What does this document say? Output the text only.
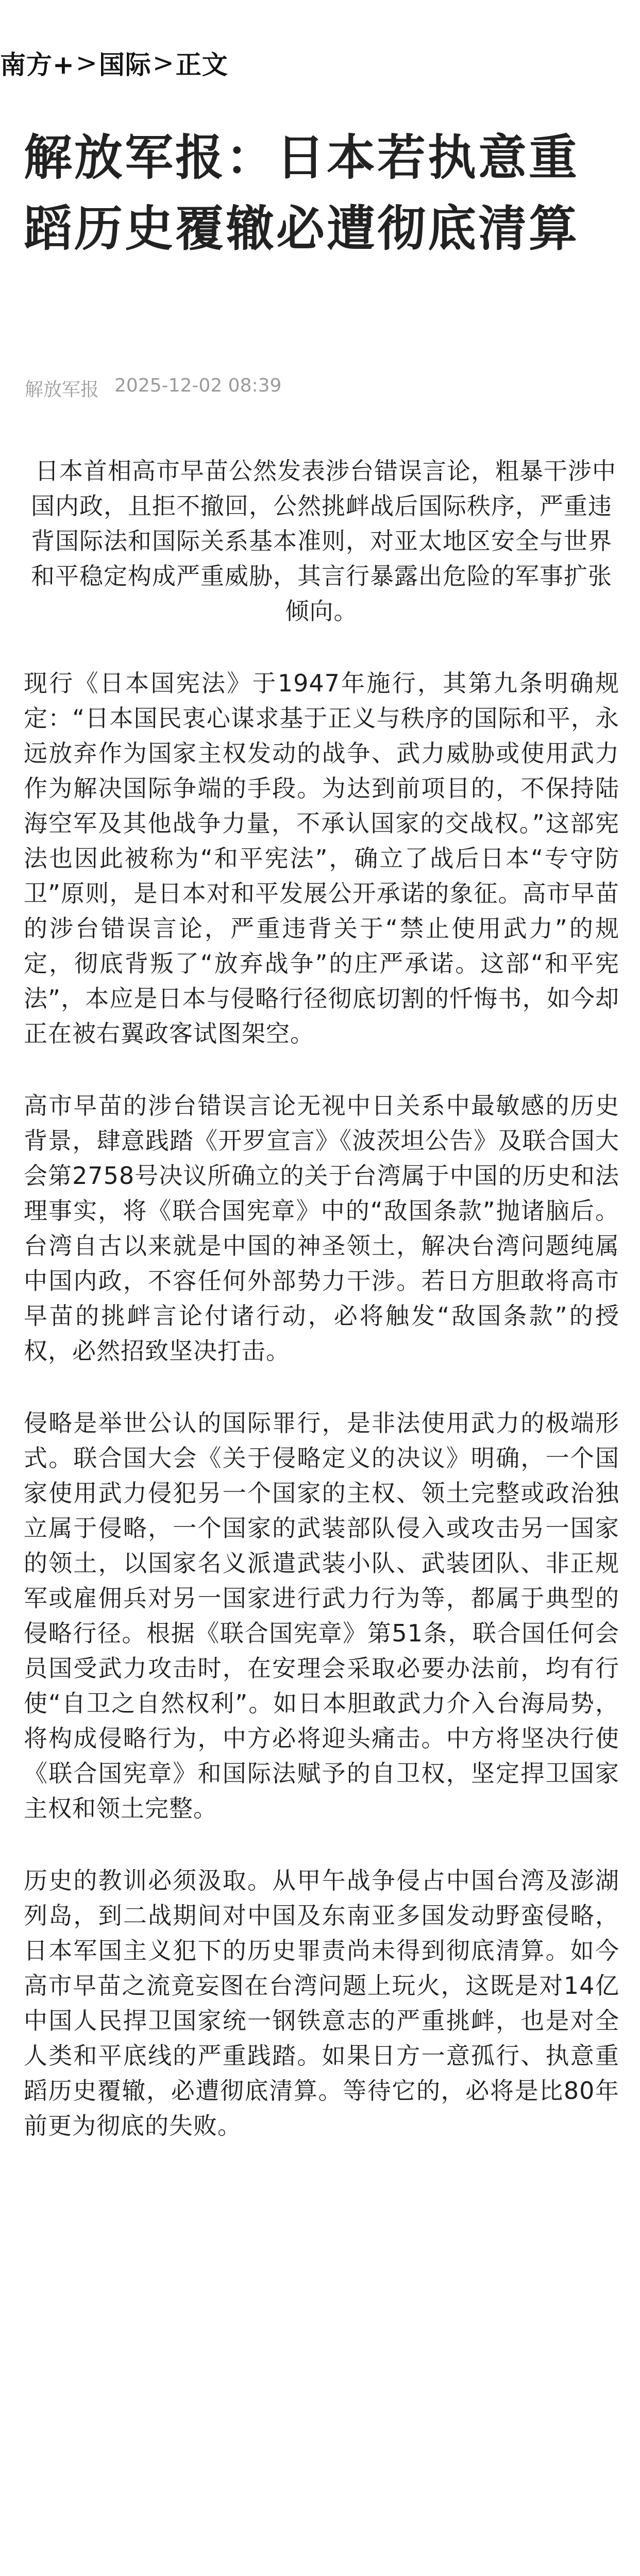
南方+ > 国际 > 正文
解放军报：日本若执意重蹈历史覆辙必遭彻底清算
解放军报 2025-12-02 08:39

日本首相高市早苗公然发表涉台错误言论，粗暴干涉中国内政，且拒不撤回，公然挑衅战后国际秩序，严重违背国际法和国际关系基本准则，对亚太地区安全与世界和平稳定构成严重威胁，其言行暴露出危险的军事扩张倾向。

现行《日本国宪法》于1947年施行，其第九条明确规定：“日本国民衷心谋求基于正义与秩序的国际和平，永远放弃作为国家主权发动的战争、武力威胁或使用武力作为解决国际争端的手段。为达到前项目的，不保持陆海空军及其他战争力量，不承认国家的交战权。”这部宪法也因此被称为“和平宪法”，确立了战后日本“专守防卫”原则，是日本对和平发展公开承诺的象征。高市早苗的涉台错误言论，严重违背关于“禁止使用武力”的规定，彻底背叛了“放弃战争”的庄严承诺。这部“和平宪法”，本应是日本与侵略行径彻底切割的忏悔书，如今却正在被右翼政客试图架空。

高市早苗的涉台错误言论无视中日关系中最敏感的历史背景，肆意践踏《开罗宣言》《波茨坦公告》及联合国大会第2758号决议所确立的关于台湾属于中国的历史和法理事实，将《联合国宪章》中的“敌国条款”抛诸脑后。台湾自古以来就是中国的神圣领土，解决台湾问题纯属中国内政，不容任何外部势力干涉。若日方胆敢将高市早苗的挑衅言论付诸行动，必将触发“敌国条款”的授权，必然招致坚决打击。

侵略是举世公认的国际罪行，是非法使用武力的极端形式。联合国大会《关于侵略定义的决议》明确，一个国家使用武力侵犯另一个国家的主权、领土完整或政治独立属于侵略，一个国家的武装部队侵入或攻击另一国家的领土，以国家名义派遣武装小队、武装团队、非正规军或雇佣兵对另一国家进行武力行为等，都属于典型的侵略行径。根据《联合国宪章》第51条，联合国任何会员国受武力攻击时，在安理会采取必要办法前，均有行使“自卫之自然权利”。如日本胆敢武力介入台海局势，将构成侵略行为，中方必将迎头痛击。中方将坚决行使《联合国宪章》和国际法赋予的自卫权，坚定捍卫国家主权和领土完整。

历史的教训必须汲取。从甲午战争侵占中国台湾及澎湖列岛，到二战期间对中国及东南亚多国发动野蛮侵略，日本军国主义犯下的历史罪责尚未得到彻底清算。如今高市早苗之流竟妄图在台湾问题上玩火，这既是对14亿中国人民捍卫国家统一钢铁意志的严重挑衅，也是对全人类和平底线的严重践踏。如果日方一意孤行、执意重蹈历史覆辙，必遭彻底清算。等待它的，必将是比80年前更为彻底的失败。
